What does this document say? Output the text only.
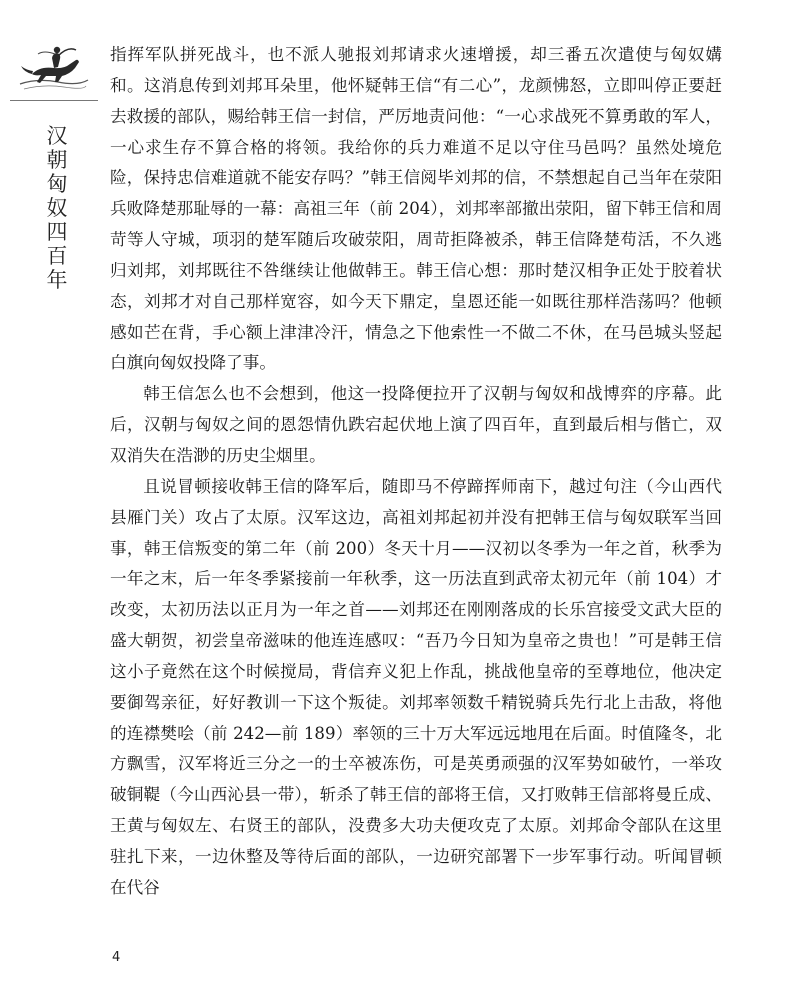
汉
朝
匈
奴
四
百
年

指挥军队拼死战斗，也不派人驰报刘邦请求火速增援，却三番五次遣使与匈奴媾和。这消息传到刘邦耳朵里，他怀疑韩王信“有二心”，龙颜怫怒，立即叫停正要赶去救援的部队，赐给韩王信一封信，严厉地责问他：“一心求战死不算勇敢的军人，一心求生存不算合格的将领。我给你的兵力难道不足以守住马邑吗？虽然处境危险，保持忠信难道就不能安存吗？”韩王信阅毕刘邦的信，不禁想起自己当年在荥阳兵败降楚那耻辱的一幕：高祖三年（前 204），刘邦率部撤出荥阳，留下韩王信和周苛等人守城，项羽的楚军随后攻破荥阳，周苛拒降被杀，韩王信降楚苟活，不久逃归刘邦，刘邦既往不咎继续让他做韩王。韩王信心想：那时楚汉相争正处于胶着状态，刘邦才对自己那样宽容，如今天下鼎定，皇恩还能一如既往那样浩荡吗？他顿感如芒在背，手心额上津津冷汗，情急之下他索性一不做二不休，在马邑城头竖起白旗向匈奴投降了事。

韩王信怎么也不会想到，他这一投降便拉开了汉朝与匈奴和战博弈的序幕。此后，汉朝与匈奴之间的恩怨情仇跌宕起伏地上演了四百年，直到最后相与偕亡，双双消失在浩渺的历史尘烟里。

且说冒顿接收韩王信的降军后，随即马不停蹄挥师南下，越过句注（今山西代县雁门关）攻占了太原。汉军这边，高祖刘邦起初并没有把韩王信与匈奴联军当回事，韩王信叛变的第二年（前 200）冬天十月——汉初以冬季为一年之首，秋季为一年之末，后一年冬季紧接前一年秋季，这一历法直到武帝太初元年（前 104）才改变，太初历法以正月为一年之首——刘邦还在刚刚落成的长乐宫接受文武大臣的盛大朝贺，初尝皇帝滋味的他连连感叹：“吾乃今日知为皇帝之贵也！”可是韩王信这小子竟然在这个时候搅局，背信弃义犯上作乱，挑战他皇帝的至尊地位，他决定要御驾亲征，好好教训一下这个叛徒。刘邦率领数千精锐骑兵先行北上击敌，将他的连襟樊哙（前 242—前 189）率领的三十万大军远远地甩在后面。时值隆冬，北方飘雪，汉军将近三分之一的士卒被冻伤，可是英勇顽强的汉军势如破竹，一举攻破铜鞮（今山西沁县一带），斩杀了韩王信的部将王信，又打败韩王信部将曼丘成、王黄与匈奴左、右贤王的部队，没费多大功夫便攻克了太原。刘邦命令部队在这里驻扎下来，一边休整及等待后面的部队，一边研究部署下一步军事行动。听闻冒顿在代谷

4
